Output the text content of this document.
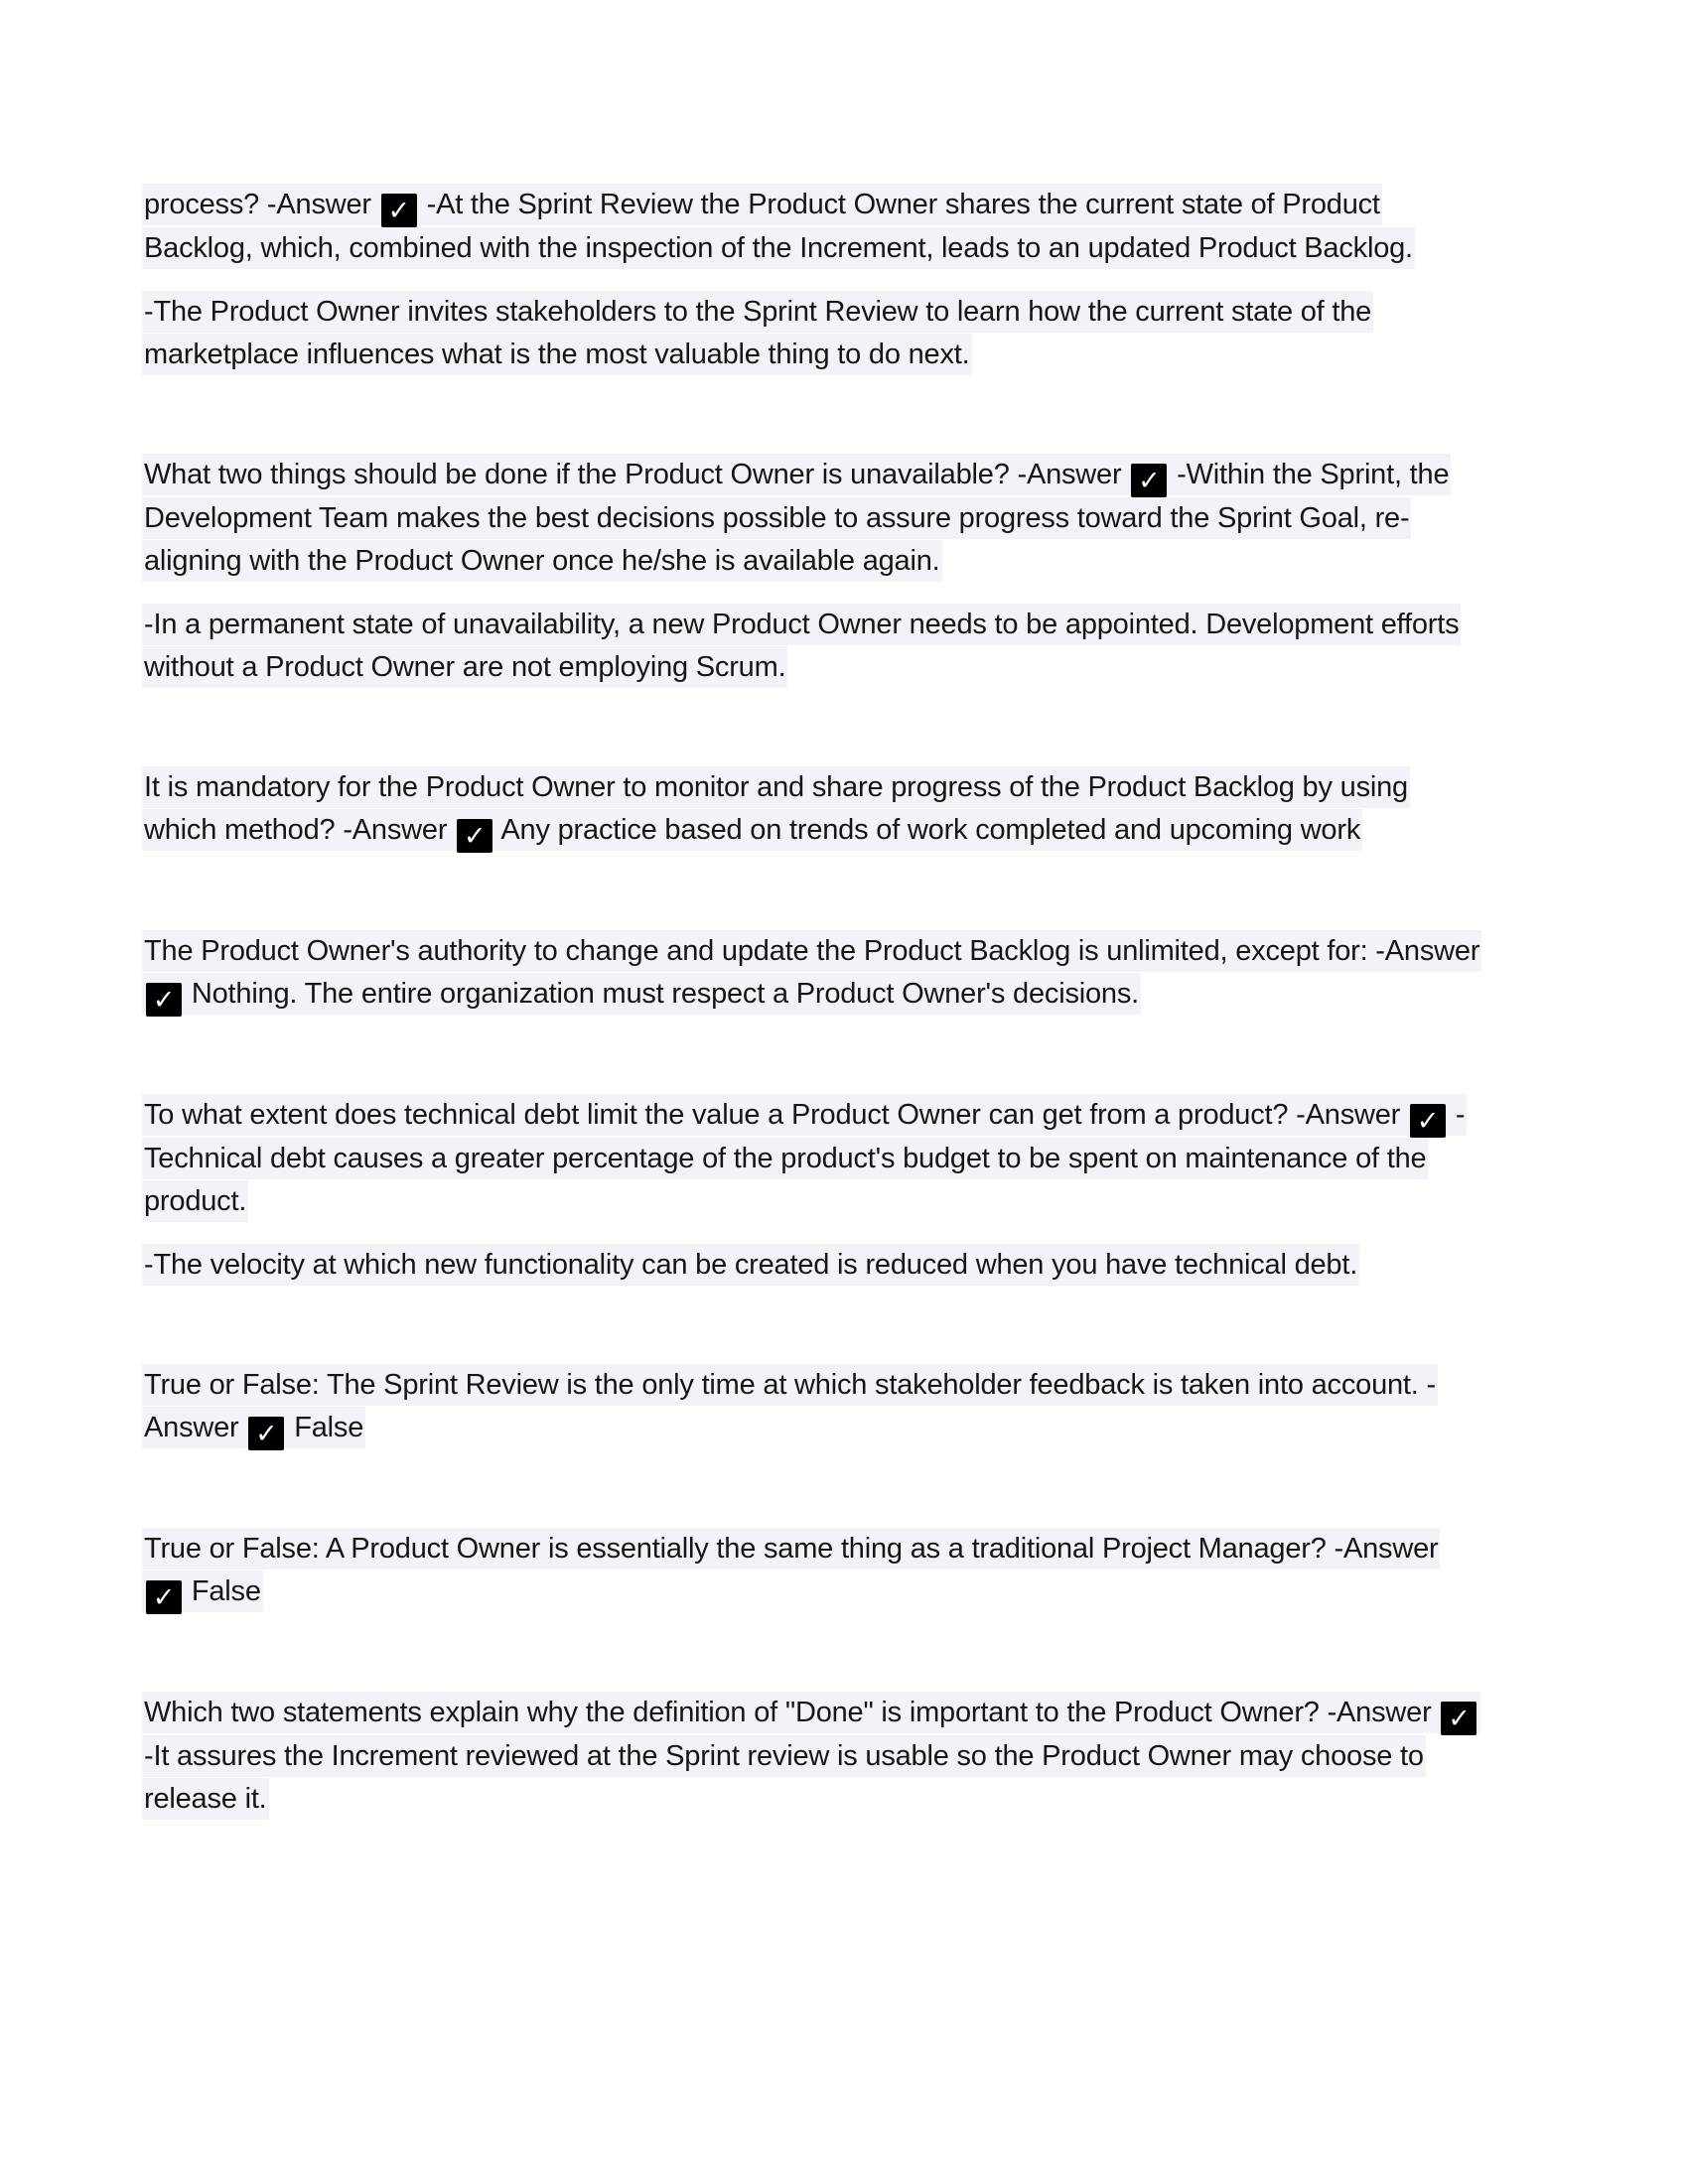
process? -Answer ✓ -At the Sprint Review the Product Owner shares the current state of Product Backlog, which, combined with the inspection of the Increment, leads to an updated Product Backlog.
-The Product Owner invites stakeholders to the Sprint Review to learn how the current state of the marketplace influences what is the most valuable thing to do next.
What two things should be done if the Product Owner is unavailable? -Answer ✓ -Within the Sprint, the Development Team makes the best decisions possible to assure progress toward the Sprint Goal, re-aligning with the Product Owner once he/she is available again.
-In a permanent state of unavailability, a new Product Owner needs to be appointed. Development efforts without a Product Owner are not employing Scrum.
It is mandatory for the Product Owner to monitor and share progress of the Product Backlog by using which method? -Answer ✓ Any practice based on trends of work completed and upcoming work
The Product Owner's authority to change and update the Product Backlog is unlimited, except for: -Answer ✓ Nothing. The entire organization must respect a Product Owner's decisions.
To what extent does technical debt limit the value a Product Owner can get from a product? -Answer ✓ -Technical debt causes a greater percentage of the product's budget to be spent on maintenance of the product.
-The velocity at which new functionality can be created is reduced when you have technical debt.
True or False: The Sprint Review is the only time at which stakeholder feedback is taken into account. -Answer ✓ False
True or False: A Product Owner is essentially the same thing as a traditional Project Manager? -Answer ✓ False
Which two statements explain why the definition of "Done" is important to the Product Owner? -Answer ✓ -It assures the Increment reviewed at the Sprint review is usable so the Product Owner may choose to release it.
